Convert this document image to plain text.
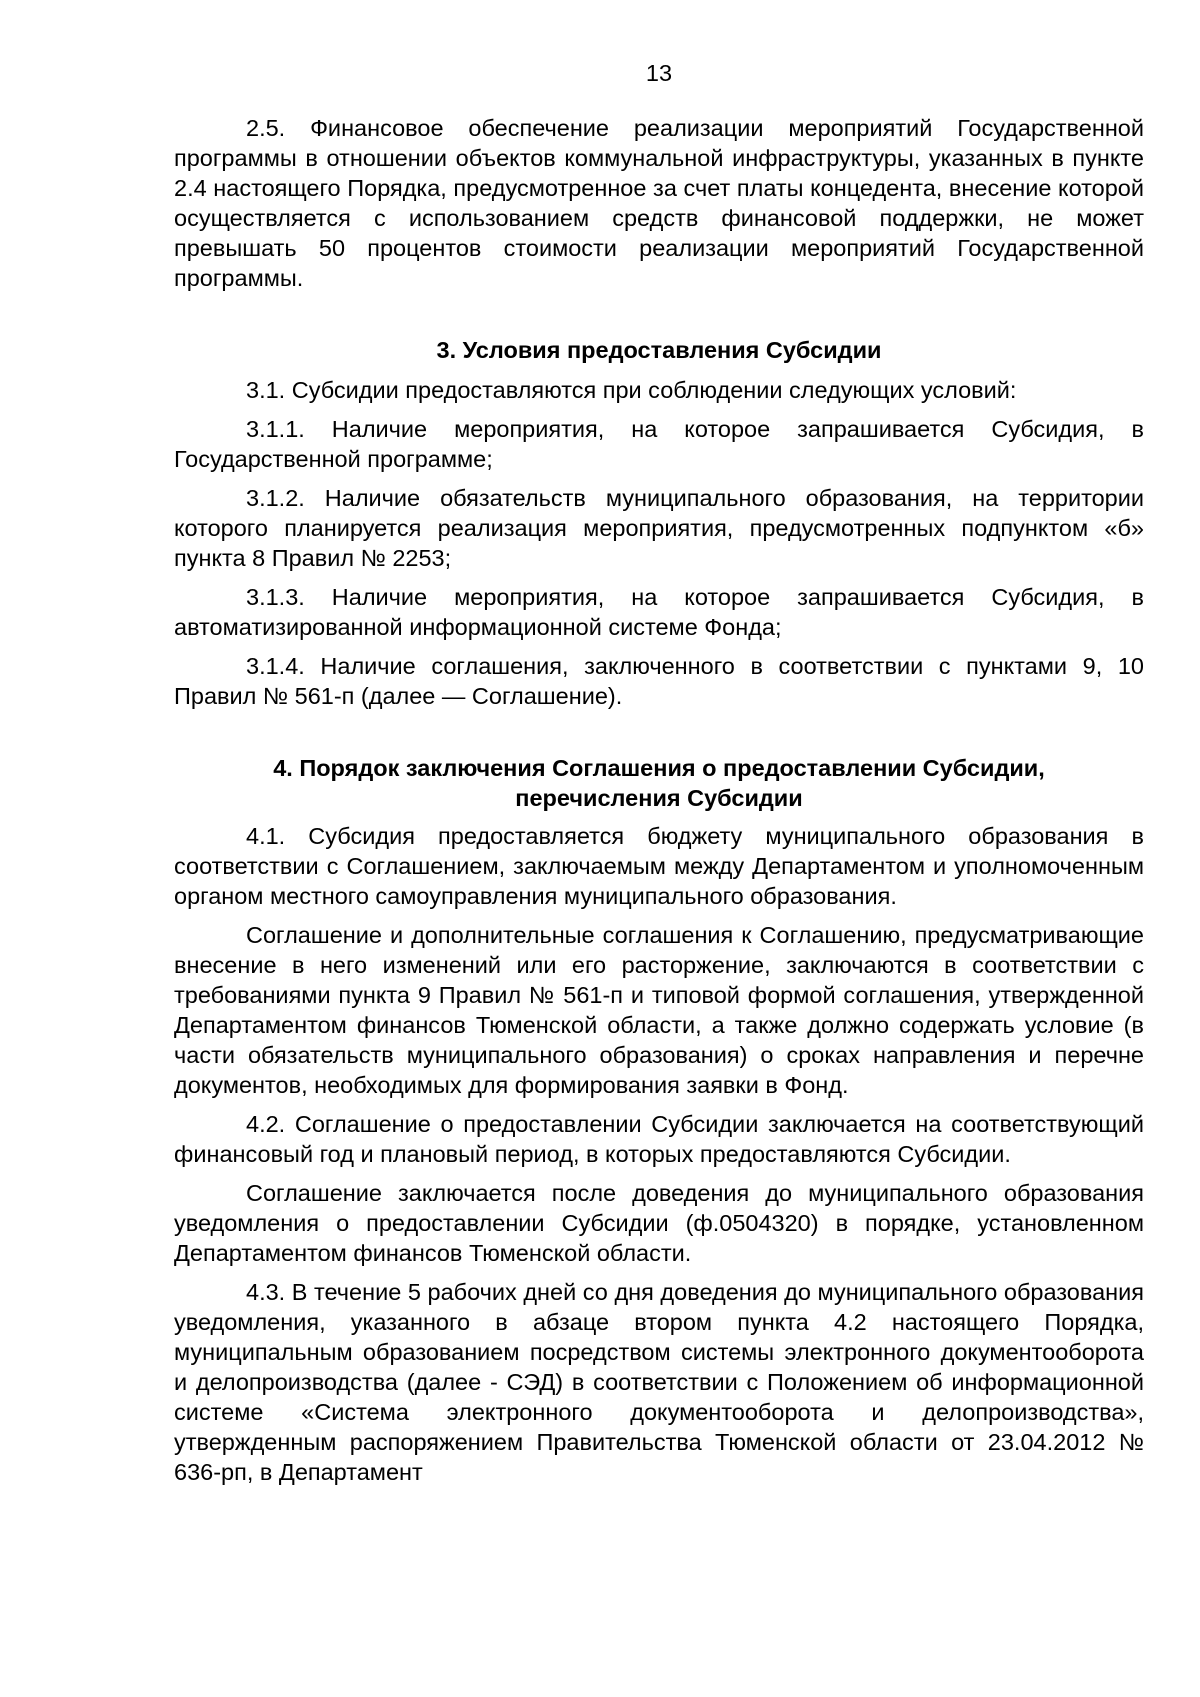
13

2.5. Финансовое обеспечение реализации мероприятий Государственной программы в отношении объектов коммунальной инфраструктуры, указанных в пункте 2.4 настоящего Порядка, предусмотренное за счет платы концедента, внесение которой осуществляется с использованием средств финансовой поддержки, не может превышать 50 процентов стоимости реализации мероприятий Государственной программы.

3. Условия предоставления Субсидии

3.1. Субсидии предоставляются при соблюдении следующих условий:

3.1.1. Наличие мероприятия, на которое запрашивается Субсидия, в Государственной программе;

3.1.2. Наличие обязательств муниципального образования, на территории которого планируется реализация мероприятия, предусмотренных подпунктом «б» пункта 8 Правил № 2253;

3.1.3. Наличие мероприятия, на которое запрашивается Субсидия, в автоматизированной информационной системе Фонда;

3.1.4. Наличие соглашения, заключенного в соответствии с пунктами 9, 10 Правил № 561-п (далее — Соглашение).

4. Порядок заключения Соглашения о предоставлении Субсидии,
перечисления Субсидии

4.1. Субсидия предоставляется бюджету муниципального образования в соответствии с Соглашением, заключаемым между Департаментом и уполномоченным органом местного самоуправления муниципального образования.

Соглашение и дополнительные соглашения к Соглашению, предусматривающие внесение в него изменений или его расторжение, заключаются в соответствии с требованиями пункта 9 Правил № 561-п и типовой формой соглашения, утвержденной Департаментом финансов Тюменской области, а также должно содержать условие (в части обязательств муниципального образования) о сроках направления и перечне документов, необходимых для формирования заявки в Фонд.

4.2. Соглашение о предоставлении Субсидии заключается на соответствующий финансовый год и плановый период, в которых предоставляются Субсидии.

Соглашение заключается после доведения до муниципального образования уведомления о предоставлении Субсидии (ф.0504320) в порядке, установленном Департаментом финансов Тюменской области.

4.3. В течение 5 рабочих дней со дня доведения до муниципального образования уведомления, указанного в абзаце втором пункта 4.2 настоящего Порядка, муниципальным образованием посредством системы электронного документооборота и делопроизводства (далее - СЭД) в соответствии с Положением об информационной системе «Система электронного документооборота и делопроизводства», утвержденным распоряжением Правительства Тюменской области от 23.04.2012 № 636-рп, в Департамент
